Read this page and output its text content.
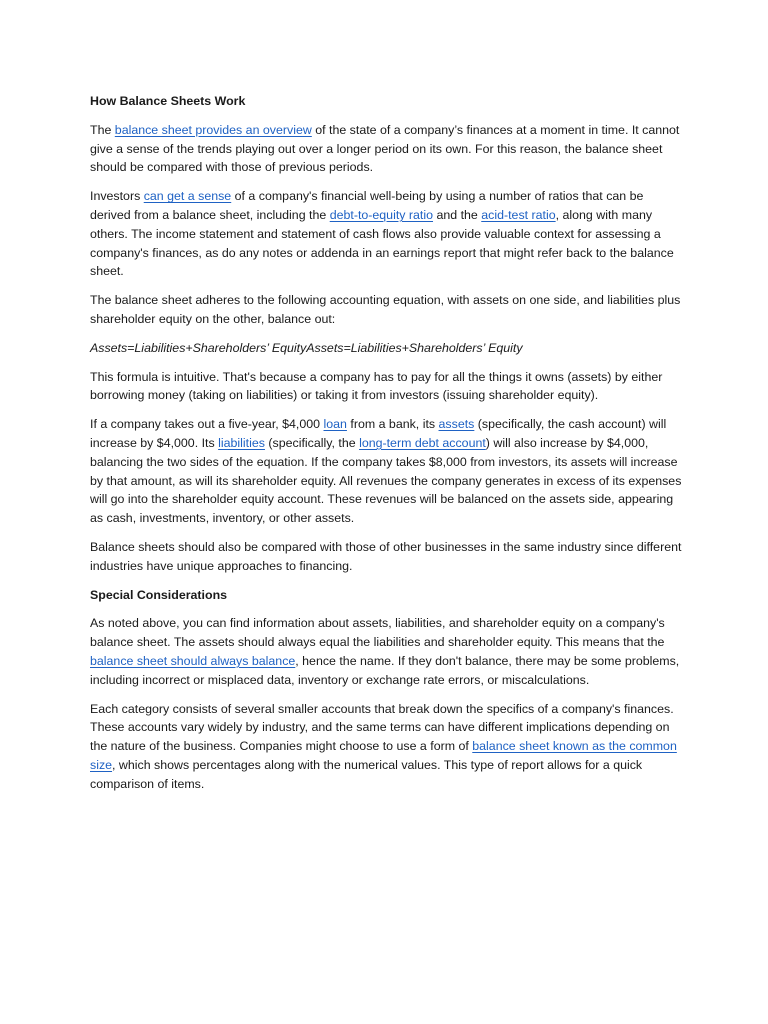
How Balance Sheets Work

The balance sheet provides an overview of the state of a company’s finances at a moment in time. It cannot give a sense of the trends playing out over a longer period on its own. For this reason, the balance sheet should be compared with those of previous periods.

Investors can get a sense of a company's financial well-being by using a number of ratios that can be derived from a balance sheet, including the debt-to-equity ratio and the acid-test ratio, along with many others. The income statement and statement of cash flows also provide valuable context for assessing a company's finances, as do any notes or addenda in an earnings report that might refer back to the balance sheet.

The balance sheet adheres to the following accounting equation, with assets on one side, and liabilities plus shareholder equity on the other, balance out:

Assets=Liabilities+Shareholders’ EquityAssets=Liabilities+Shareholders’ Equity

This formula is intuitive. That's because a company has to pay for all the things it owns (assets) by either borrowing money (taking on liabilities) or taking it from investors (issuing shareholder equity).

If a company takes out a five-year, $4,000 loan from a bank, its assets (specifically, the cash account) will increase by $4,000. Its liabilities (specifically, the long-term debt account) will also increase by $4,000, balancing the two sides of the equation. If the company takes $8,000 from investors, its assets will increase by that amount, as will its shareholder equity. All revenues the company generates in excess of its expenses will go into the shareholder equity account. These revenues will be balanced on the assets side, appearing as cash, investments, inventory, or other assets.

Balance sheets should also be compared with those of other businesses in the same industry since different industries have unique approaches to financing.

Special Considerations

As noted above, you can find information about assets, liabilities, and shareholder equity on a company's balance sheet. The assets should always equal the liabilities and shareholder equity. This means that the balance sheet should always balance, hence the name. If they don't balance, there may be some problems, including incorrect or misplaced data, inventory or exchange rate errors, or miscalculations.

Each category consists of several smaller accounts that break down the specifics of a company's finances. These accounts vary widely by industry, and the same terms can have different implications depending on the nature of the business. Companies might choose to use a form of balance sheet known as the common size, which shows percentages along with the numerical values. This type of report allows for a quick comparison of items.
